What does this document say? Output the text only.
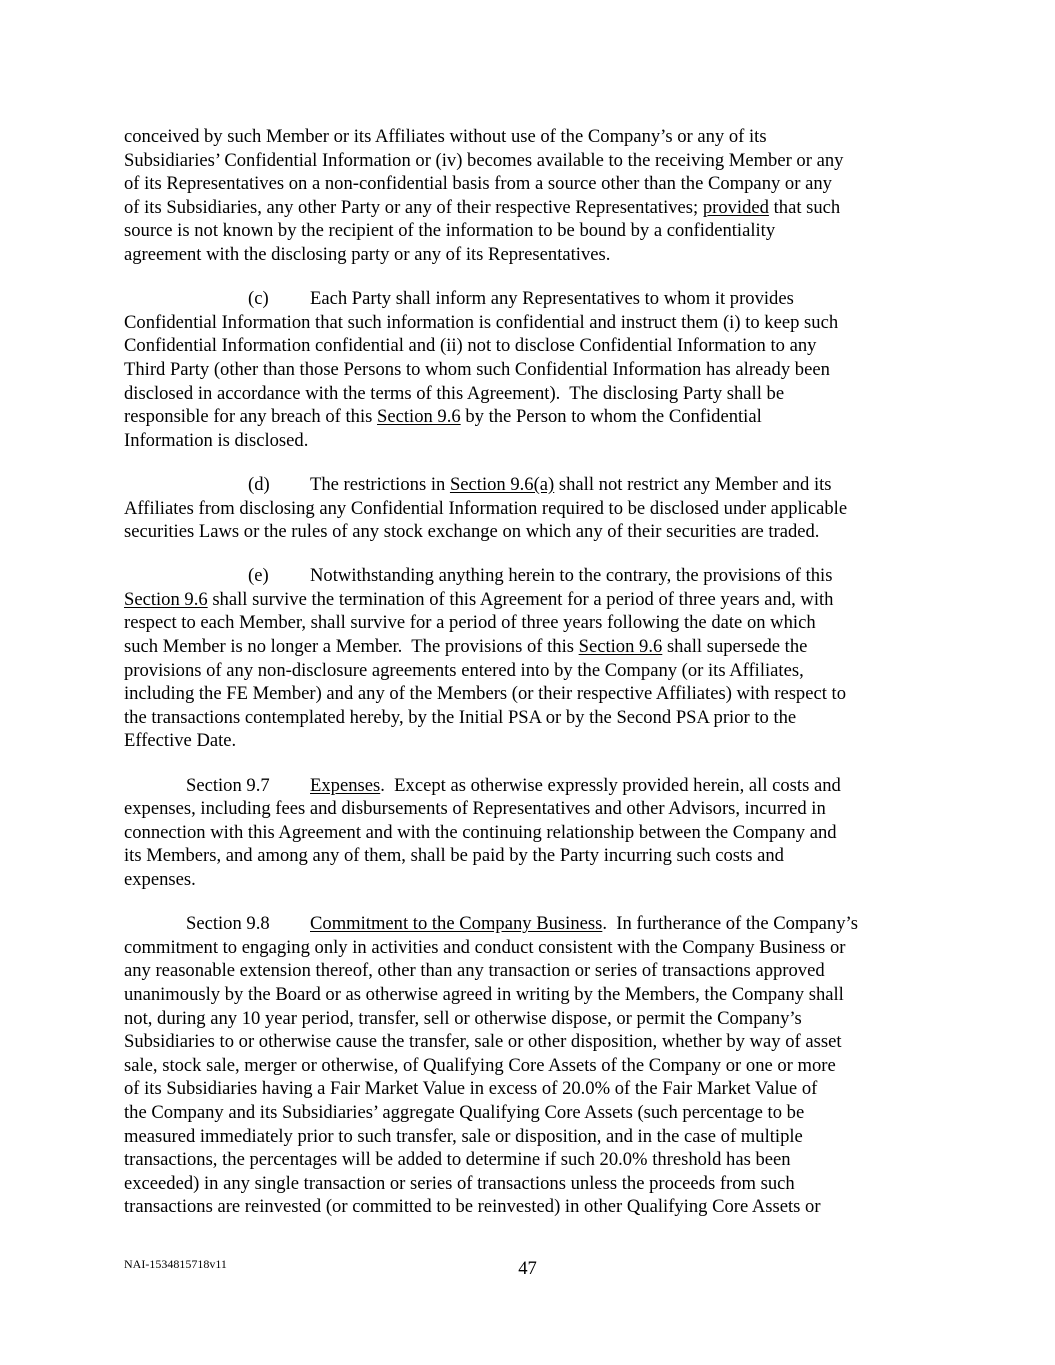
conceived by such Member or its Affiliates without use of the Company’s or any of its
Subsidiaries’ Confidential Information or (iv) becomes available to the receiving Member or any
of its Representatives on a non-confidential basis from a source other than the Company or any
of its Subsidiaries, any other Party or any of their respective Representatives; provided that such
source is not known by the recipient of the information to be bound by a confidentiality
agreement with the disclosing party or any of its Representatives.

(c) Each Party shall inform any Representatives to whom it provides
Confidential Information that such information is confidential and instruct them (i) to keep such
Confidential Information confidential and (ii) not to disclose Confidential Information to any
Third Party (other than those Persons to whom such Confidential Information has already been
disclosed in accordance with the terms of this Agreement).  The disclosing Party shall be
responsible for any breach of this Section 9.6 by the Person to whom the Confidential
Information is disclosed.

(d) The restrictions in Section 9.6(a) shall not restrict any Member and its
Affiliates from disclosing any Confidential Information required to be disclosed under applicable
securities Laws or the rules of any stock exchange on which any of their securities are traded.

(e) Notwithstanding anything herein to the contrary, the provisions of this
Section 9.6 shall survive the termination of this Agreement for a period of three years and, with
respect to each Member, shall survive for a period of three years following the date on which
such Member is no longer a Member.  The provisions of this Section 9.6 shall supersede the
provisions of any non-disclosure agreements entered into by the Company (or its Affiliates,
including the FE Member) and any of the Members (or their respective Affiliates) with respect to
the transactions contemplated hereby, by the Initial PSA or by the Second PSA prior to the
Effective Date.

Section 9.7 Expenses.  Except as otherwise expressly provided herein, all costs and
expenses, including fees and disbursements of Representatives and other Advisors, incurred in
connection with this Agreement and with the continuing relationship between the Company and
its Members, and among any of them, shall be paid by the Party incurring such costs and
expenses.

Section 9.8 Commitment to the Company Business.  In furtherance of the Company’s
commitment to engaging only in activities and conduct consistent with the Company Business or
any reasonable extension thereof, other than any transaction or series of transactions approved
unanimously by the Board or as otherwise agreed in writing by the Members, the Company shall
not, during any 10 year period, transfer, sell or otherwise dispose, or permit the Company’s
Subsidiaries to or otherwise cause the transfer, sale or other disposition, whether by way of asset
sale, stock sale, merger or otherwise, of Qualifying Core Assets of the Company or one or more
of its Subsidiaries having a Fair Market Value in excess of 20.0% of the Fair Market Value of
the Company and its Subsidiaries’ aggregate Qualifying Core Assets (such percentage to be
measured immediately prior to such transfer, sale or disposition, and in the case of multiple
transactions, the percentages will be added to determine if such 20.0% threshold has been
exceeded) in any single transaction or series of transactions unless the proceeds from such
transactions are reinvested (or committed to be reinvested) in other Qualifying Core Assets or

NAI-1534815718v11	47
